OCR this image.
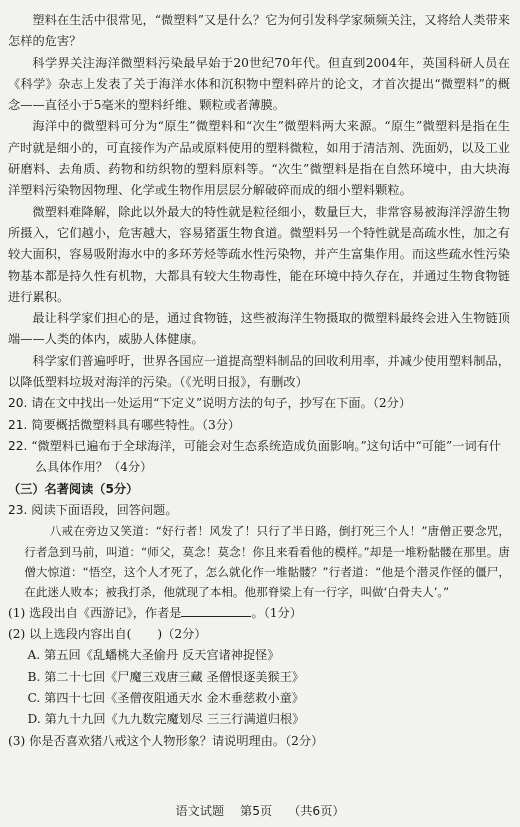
塑料在生活中很常见，“微塑料”又是什么？它为何引发科学家频频关注，又将给人类带来怎样的危害？

科学界关注海洋微塑料污染最早始于20世纪70年代。但直到2004年，英国科研人员在《科学》杂志上发表了关于海洋水体和沉积物中塑料碎片的论文，才首次提出“微塑料”的概念——直径小于5毫米的塑料纤维、颗粒或者薄膜。

海洋中的微塑料可分为“原生”微塑料和“次生”微塑料两大来源。“原生”微塑料是指在生产时就是细小的，可直接作为产品或原料使用的塑料微粒，如用于清洁剂、洗面奶，以及工业研磨料、去角质、药物和纺织物的塑料原料等。“次生”微塑料是指在自然环境中，由大块海洋塑料污染物因物理、化学或生物作用层层分解破碎而成的细小塑料颗粒。

微塑料难降解，除此以外最大的特性就是粒径细小，数量巨大，非常容易被海洋浮游生物所摄入，它们越小，危害越大，容易猪蛋生物食道。微塑料另一个特性就是高疏水性，加之有较大面积，容易吸附海水中的多环芳烃等疏水性污染物，并产生富集作用。而这些疏水性污染物基本都是持久性有机物，大都具有较大生物毒性，能在环境中持久存在，并通过生物食物链进行累积。

最让科学家们担心的是，通过食物链，这些被海洋生物摄取的微塑料最终会进入生物链顶端——人类的体内，威胁人体健康。

科学家们普遍呼吁，世界各国应一道提高塑料制品的回收利用率，并减少使用塑料制品，以降低塑料垃圾对海洋的污染。（《光明日报》，有删改）

20. 请在文中找出一处运用“下定义”说明方法的句子，抄写在下面。（2分）

21. 简要概括微塑料具有哪些特性。（3分）

22. “微塑料已遍布于全球海洋，可能会对生态系统造成负面影响。”这句话中“可能”一词有什么具体作用？（4分）

（三）名著阅读（5分）

23. 阅读下面语段，回答问题。

八戒在旁边又笑道：“好行者！风发了！只行了半日路，倒打死三个人！”唐僧正要念咒，行者急到马前，叫道：“师父，莫念！莫念！你且来看看他的模样。”却是一堆粉骷髅在那里。唐僧大惊道：“悟空，这个人才死了，怎么就化作一堆骷髅？”行者道：“他是个潜灵作怪的僵尸，在此迷人败本；被我打杀，他就现了本相。他那脊梁上有一行字，叫做‘白骨夫人’。”

(1) 选段出自《西游记》，作者是	。（1分）

(2) 以上选段内容出自( )（2分）

A. 第五回《乱蟠桃大圣偷丹 反天宫诸神捉怪》

B. 第二十七回《尸魔三戏唐三藏 圣僧恨逐美猴王》

C. 第四十七回《圣僧夜阻通天水 金木垂慈救小童》

D. 第九十九回《九九数完魔划尽 三三行满道归根》

(3) 你是否喜欢猪八戒这个人物形象？请说明理由。（2分）

语文试题 第5页 （共6页）
